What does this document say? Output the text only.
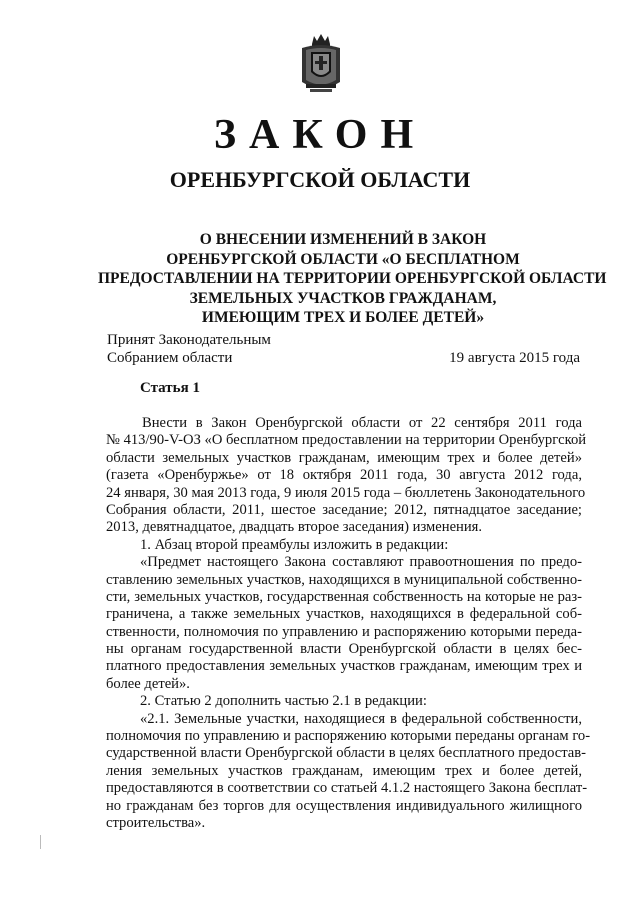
ЗАКОН
ОРЕНБУРГСКОЙ ОБЛАСТИ
О ВНЕСЕНИИ ИЗМЕНЕНИЙ В ЗАКОН
ОРЕНБУРГСКОЙ ОБЛАСТИ «О БЕСПЛАТНОМ
ПРЕДОСТАВЛЕНИИ НА ТЕРРИТОРИИ ОРЕНБУРГСКОЙ ОБЛАСТИ
ЗЕМЕЛЬНЫХ УЧАСТКОВ ГРАЖДАНАМ,
ИМЕЮЩИМ ТРЕХ И БОЛЕЕ ДЕТЕЙ»
Принят Законодательным
Собранием области	19 августа 2015 года
Статья 1
Внести в Закон Оренбургской области от 22 сентября 2011 года
№ 413/90-V-ОЗ «О бесплатном предоставлении на территории Оренбургской
области земельных участков гражданам, имеющим трех и более детей»
(газета «Оренбуржье» от 18 октября 2011 года, 30 августа 2012 года,
24 января, 30 мая 2013 года, 9 июля 2015 года – бюллетень Законодательного
Собрания области, 2011, шестое заседание; 2012, пятнадцатое заседание;
2013, девятнадцатое, двадцать второе заседания) изменения.
1. Абзац второй преамбулы изложить в редакции:
«Предмет настоящего Закона составляют правоотношения по предо-
ставлению земельных участков, находящихся в муниципальной собственно-
сти, земельных участков, государственная собственность на которые не раз-
граничена, а также земельных участков, находящихся в федеральной соб-
ственности, полномочия по управлению и распоряжению которыми переда-
ны органам государственной власти Оренбургской области в целях бес-
платного предоставления земельных участков гражданам, имеющим трех и
более детей».
2. Статью 2 дополнить частью 2.1 в редакции:
«2.1. Земельные участки, находящиеся в федеральной собственности,
полномочия по управлению и распоряжению которыми переданы органам го-
сударственной власти Оренбургской области в целях бесплатного предостав-
ления земельных участков гражданам, имеющим трех и более детей,
предоставляются в соответствии со статьей 4.1.2 настоящего Закона бесплат-
но гражданам без торгов для осуществления индивидуального жилищного
строительства».
